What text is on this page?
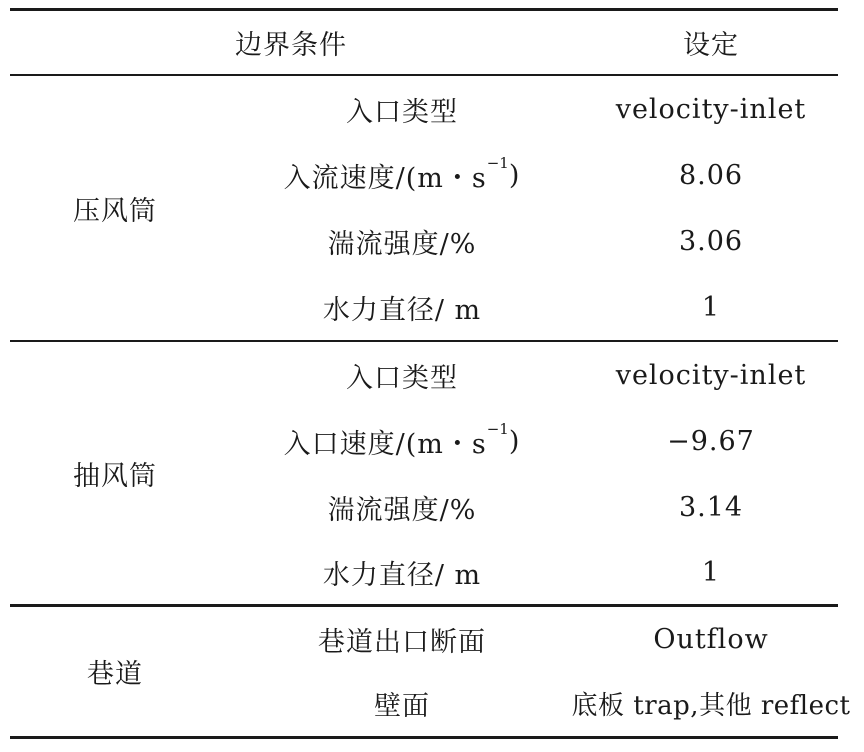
边界条件	设定
压风筒
入口类型	velocity-inlet
入流速度/(m・s −1 )	8.06
湍流强度/%	3.06
水力直径/ m	1
抽风筒
入口类型	velocity-inlet
入口速度/(m・s −1 )	−9.67
湍流强度/%	3.14
水力直径/ m	1
巷道
巷道出口断面	Outflow
壁面	底板 trap,其他 reflect
